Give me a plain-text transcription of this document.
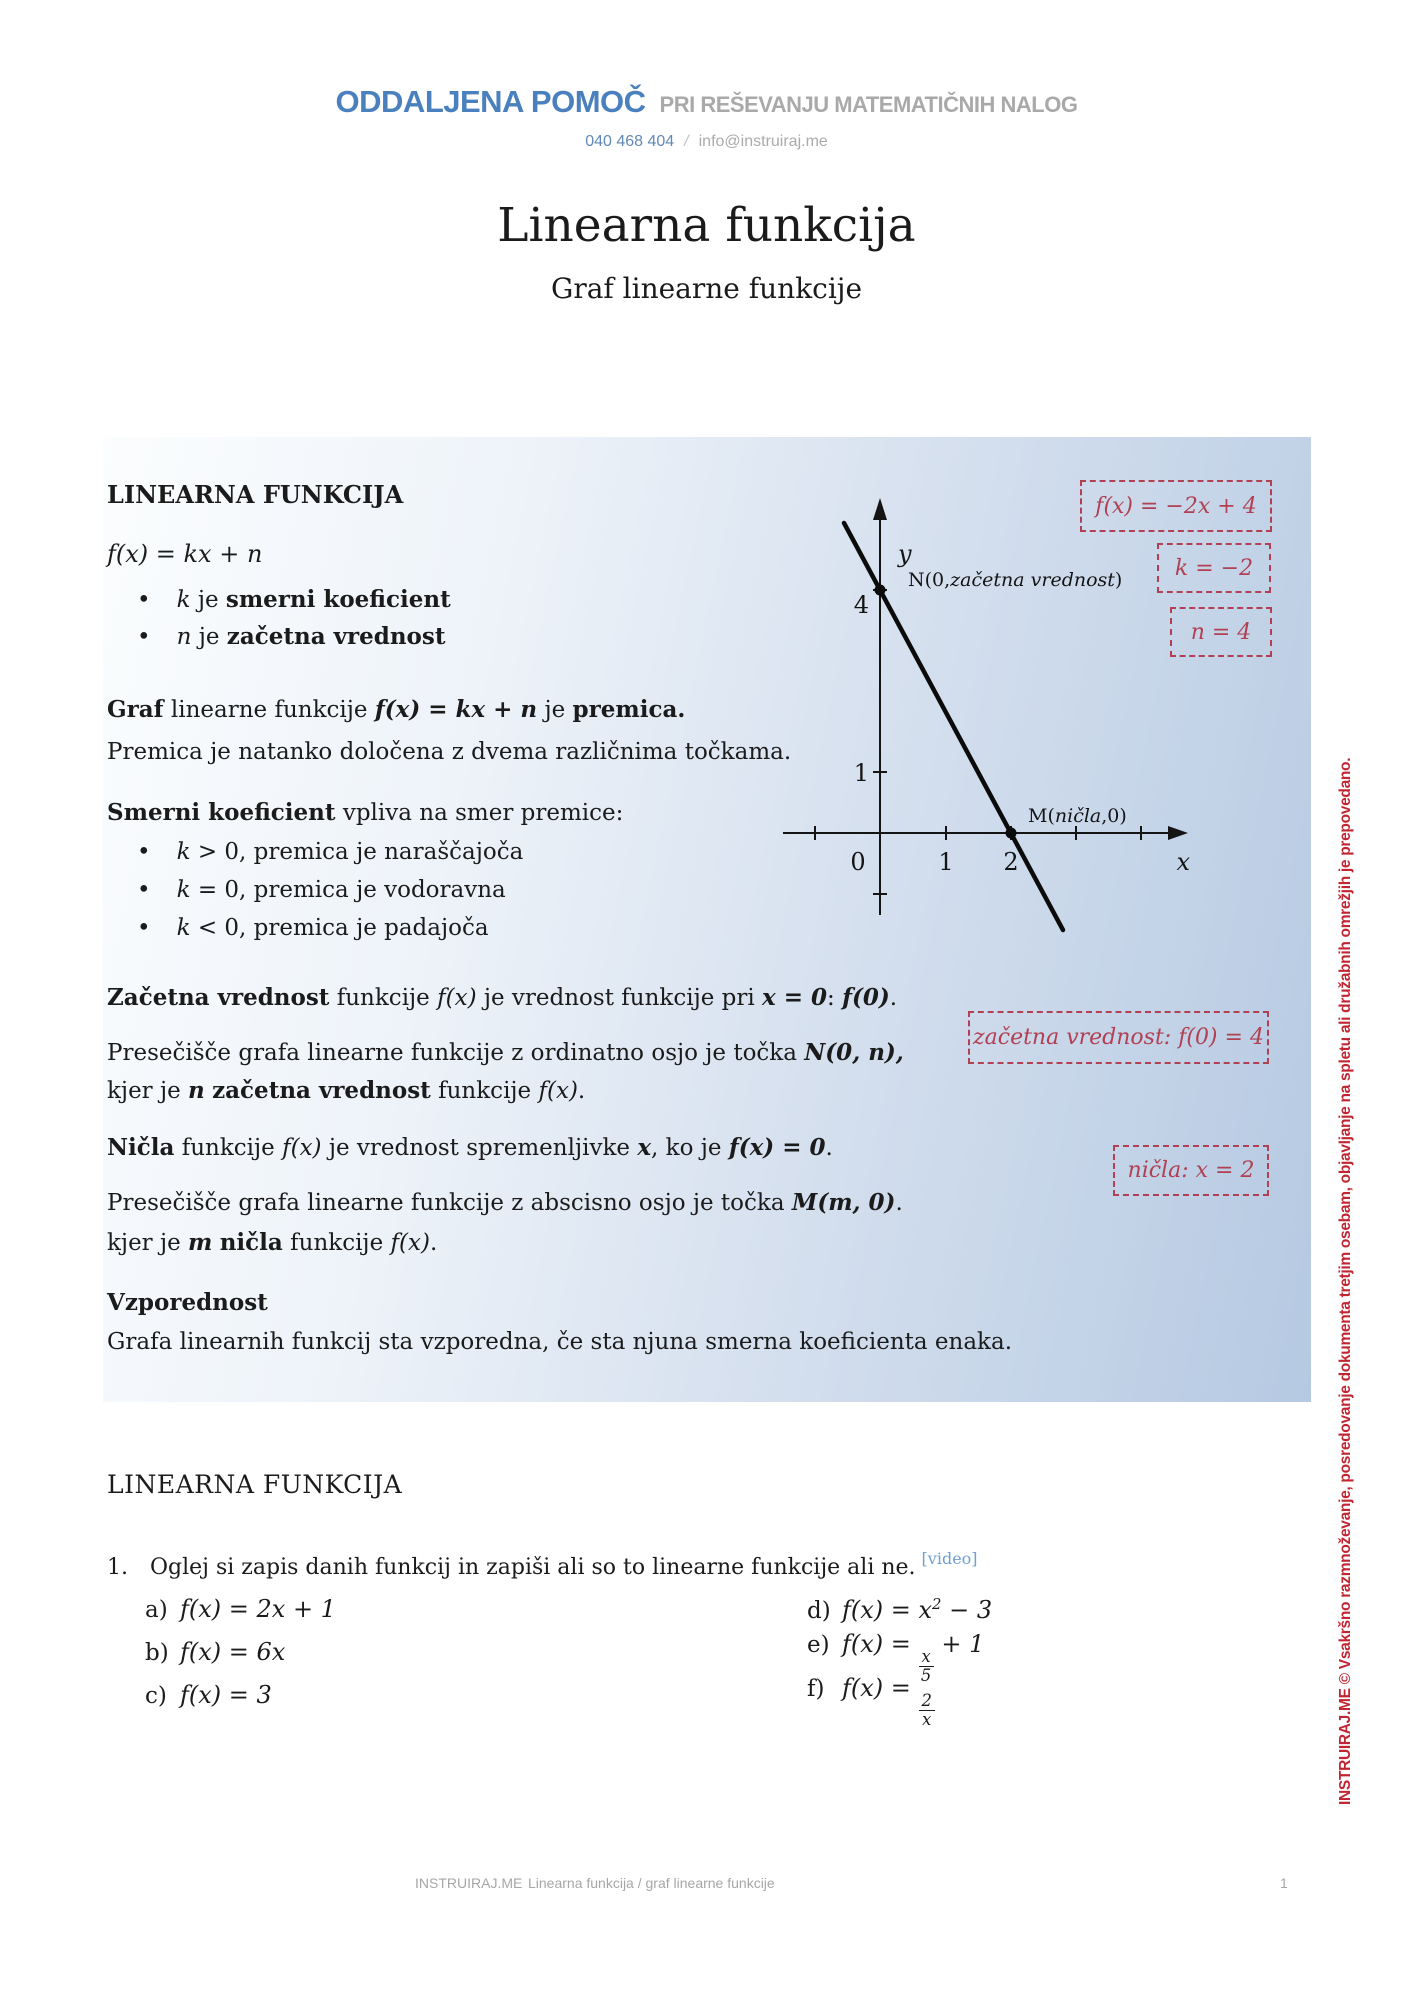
ODDALJENA POMOČ PRI REŠEVANJU MATEMATIČNIH NALOG
040 468 404 / info@instruiraj.me
Linearna funkcija
Graf linearne funkcije
LINEARNA FUNKCIJA
f(x) = kx + n
• k je smerni koeficient
• n je začetna vrednost
Graf linearne funkcije f(x) = kx + n je premica.
Premica je natanko določena z dvema različnima točkama.
Smerni koeficient vpliva na smer premice:
• k > 0, premica je naraščajoča
• k = 0, premica je vodoravna
• k < 0, premica je padajoča
Začetna vrednost funkcije f(x) je vrednost funkcije pri x = 0: f(0).
Presečišče grafa linearne funkcije z ordinatno osjo je točka N(0, n),
kjer je n začetna vrednost funkcije f(x).
Ničla funkcije f(x) je vrednost spremenljivke x, ko je f(x) = 0.
Presečišče grafa linearne funkcije z abscisno osjo je točka M(m, 0).
kjer je m ničla funkcije f(x).
Vzporednost
Grafa linearnih funkcij sta vzporedna, če sta njuna smerna koeficienta enaka.
y
x
4
1
0	1 2
N(0,začetna vrednost)
M(ničla,0)
f(x) = −2x + 4
k = −2
n = 4
začetna vrednost: f(0) = 4
ničla: x = 2
LINEARNA FUNKCIJA
1. Oglej si zapis danih funkcij in zapiši ali so to linearne funkcije ali ne. [video]
a) f(x) = 2x + 1
b) f(x) = 6x
c) f(x) = 3
d) $f(x) = x^2 - 3$
e) f(x) =
$\frac{x}{5}$
+ 1
f) f(x) =
$\frac{2}{x}$
INSTRUIRAJ.ME Linearna funkcija / graf linearne funkcije	1
INSTRUIRAJ.ME © Vsakršno razmnoževanje, posredovanje dokumenta tretjim osebam, objavljanje na spletu ali družabnih omrežjih je prepovedano.
